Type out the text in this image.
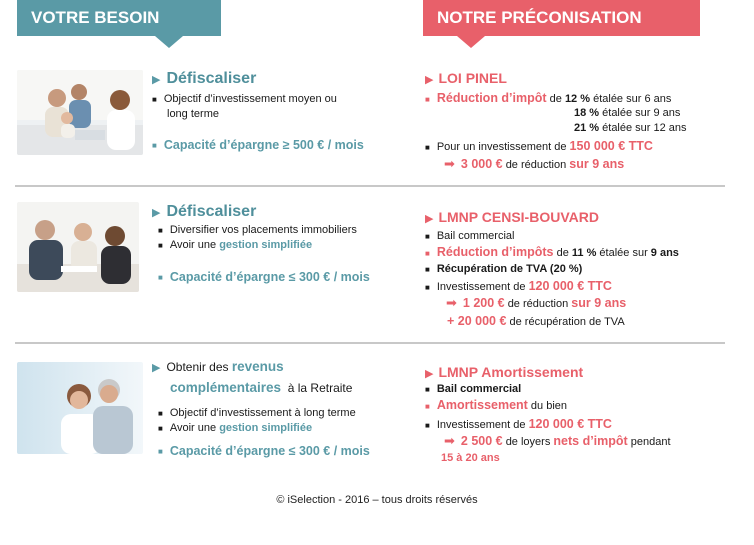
VOTRE BESOIN	NOTRE PRÉCONISATION
▶ Défiscaliser
■ Objectif d’investissement moyen ou
long terme
■ Capacité d’épargne ≥ 500 € / mois
▶ LOI PINEL
■ Réduction d’impôt de 12 % étalée sur 6 ans
18 % étalée sur 9 ans
21 % étalée sur 12 ans
■ Pour un investissement de 150 000 € TTC
➡ 3 000 € de réduction sur 9 ans
▶ Défiscaliser
■ Diversifier vos placements immobiliers
■ Avoir une gestion simplifiée
■ Capacité d’épargne ≤ 300 € / mois
▶ LMNP CENSI-BOUVARD
■ Bail commercial
■ Réduction d’impôts de 11 % étalée sur 9 ans
■ Récupération de TVA (20 %)
■ Investissement de 120 000 € TTC
➡ 1 200 € de réduction sur 9 ans
+ 20 000 € de récupération de TVA
▶ Obtenir des revenus
complémentaires à la Retraite
■ Objectif d’investissement à long terme
■ Avoir une gestion simplifiée
■ Capacité d’épargne ≤ 300 € / mois
▶ LMNP Amortissement
■ Bail commercial
■ Amortissement du bien
■ Investissement de 120 000 € TTC
➡ 2 500 € de loyers nets d’impôt pendant
15 à 20 ans
© iSelection - 2016 – tous droits réservés
